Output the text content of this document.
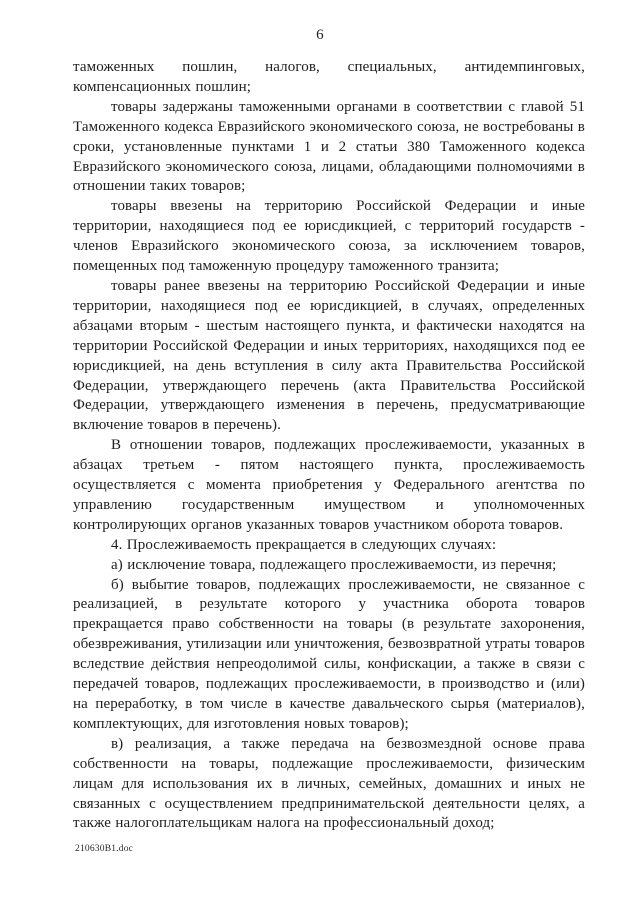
6

таможенных пошлин, налогов, специальных, антидемпинговых, компенсационных пошлин;

товары задержаны таможенными органами в соответствии с главой 51 Таможенного кодекса Евразийского экономического союза, не востребованы в сроки, установленные пунктами 1 и 2 статьи 380 Таможенного кодекса Евразийского экономического союза, лицами, обладающими полномочиями в отношении таких товаров;

товары ввезены на территорию Российской Федерации и иные территории, находящиеся под ее юрисдикцией, с территорий государств - членов Евразийского экономического союза, за исключением товаров, помещенных под таможенную процедуру таможенного транзита;

товары ранее ввезены на территорию Российской Федерации и иные территории, находящиеся под ее юрисдикцией, в случаях, определенных абзацами вторым - шестым настоящего пункта, и фактически находятся на территории Российской Федерации и иных территориях, находящихся под ее юрисдикцией, на день вступления в силу акта Правительства Российской Федерации, утверждающего перечень (акта Правительства Российской Федерации, утверждающего изменения в перечень, предусматривающие включение товаров в перечень).

В отношении товаров, подлежащих прослеживаемости, указанных в абзацах третьем - пятом настоящего пункта, прослеживаемость осуществляется с момента приобретения у Федерального агентства по управлению государственным имуществом и уполномоченных контролирующих органов указанных товаров участником оборота товаров.

4. Прослеживаемость прекращается в следующих случаях:

а) исключение товара, подлежащего прослеживаемости, из перечня;

б) выбытие товаров, подлежащих прослеживаемости, не связанное с реализацией, в результате которого у участника оборота товаров прекращается право собственности на товары (в результате захоронения, обезвреживания, утилизации или уничтожения, безвозвратной утраты товаров вследствие действия непреодолимой силы, конфискации, а также в связи с передачей товаров, подлежащих прослеживаемости, в производство и (или) на переработку, в том числе в качестве давальческого сырья (материалов), комплектующих, для изготовления новых товаров);

в) реализация, а также передача на безвозмездной основе права собственности на товары, подлежащие прослеживаемости, физическим лицам для использования их в личных, семейных, домашних и иных не связанных с осуществлением предпринимательской деятельности целях, а также налогоплательщикам налога на профессиональный доход;

210630B1.doc
